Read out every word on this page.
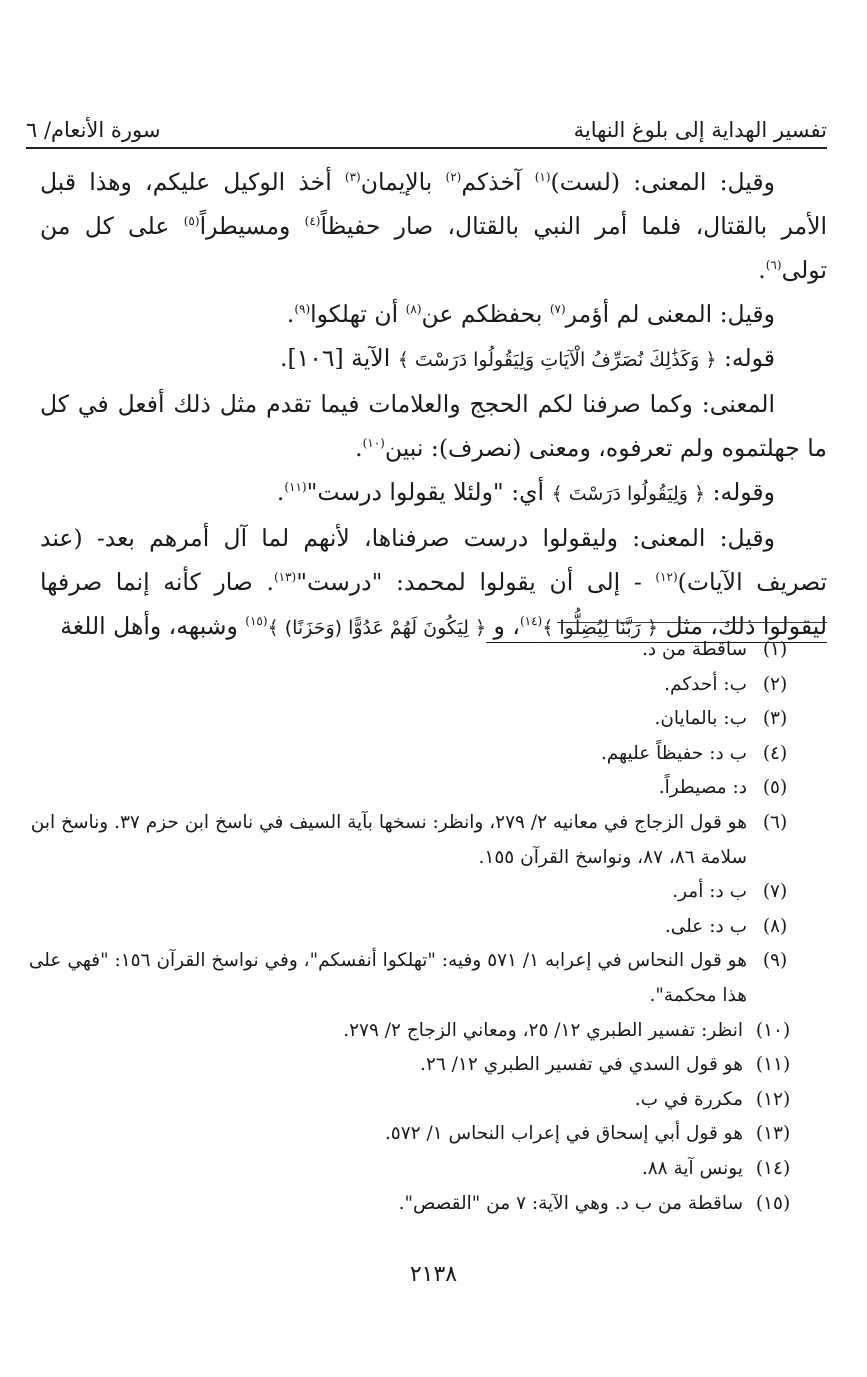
تفسير الهداية إلى بلوغ النهاية
سورة الأنعام/ ٦

وقيل: المعنى: (لست)$^{(١)}$ آخذكم$^{(٢)}$ بالإيمان$^{(٣)}$ أخذ الوكيل عليكم، وهذا قبل الأمر بالقتال، فلما أمر النبي بالقتال، صار حفيظاً$^{(٤)}$ ومسيطراً$^{(٥)}$ على كل من تولى$^{(٦)}$.

وقيل: المعنى لم أؤمر$^{(٧)}$ بحفظكم عن$^{(٨)}$ أن تهلكوا$^{(٩)}$.

قوله: ﴿ وَكَذَٰلِكَ نُصَرِّفُ الْآيَاتِ وَلِيَقُولُوا دَرَسْتَ ﴾ الآية [١٠٦].

المعنى: وكما صرفنا لكم الحجج والعلامات فيما تقدم مثل ذلك أفعل في كل ما جهلتموه ولم تعرفوه، ومعنى (نصرف): نبين$^{(١٠)}$.

وقوله: ﴿ وَلِيَقُولُوا دَرَسْتَ ﴾ أي: "ولئلا يقولوا درست"$^{(١١)}$.

وقيل: المعنى: وليقولوا درست صرفناها، لأنهم لما آل أمرهم بعد- (عند تصريف الآيات)$^{(١٢)}$ - إلى أن يقولوا لمحمد: "درست"$^{(١٣)}$. صار كأنه إنما صرفها ليقولوا ذلك، مثل ﴿ رَبَّنَا لِيُضِلُّوا ﴾$^{(١٤)}$، و ﴿ لِيَكُونَ لَهُمْ عَدُوًّا (وَحَزَنًا) ﴾$^{(١٥)}$ وشبهه، وأهل اللغة

(١)
ساقطة من د.
(٢)
ب: أحدكم.
(٣)
ب: بالمايان.
(٤)
ب د: حفيظاً عليهم.
(٥)
د: مصيطراً.
(٦)
هو قول الزجاج في معانيه ٢/ ٢٧٩، وانظر: نسخها بآية السيف في ناسخ ابن حزم ٣٧. وناسخ ابن سلامة ٨٦، ٨٧، ونواسخ القرآن ١٥٥.
(٧)
ب د: أمر.
(٨)
ب د: على.
(٩)
هو قول النحاس في إعرابه ١/ ٥٧١ وفيه: "تهلكوا أنفسكم"، وفي نواسخ القرآن ١٥٦: "فهي على هذا محكمة".
(١٠)
انظر: تفسير الطبري ١٢/ ٢٥، ومعاني الزجاج ٢/ ٢٧٩.
(١١)
هو قول السدي في تفسير الطبري ١٢/ ٢٦.
(١٢)
مكررة في ب.
(١٣)
هو قول أبي إسحاق في إعراب النحاس ١/ ٥٧٢.
(١٤)
يونس آية ٨٨.
(١٥)
ساقطة من ب د. وهي الآية: ٧ من "القصص".
٢١٣٨
